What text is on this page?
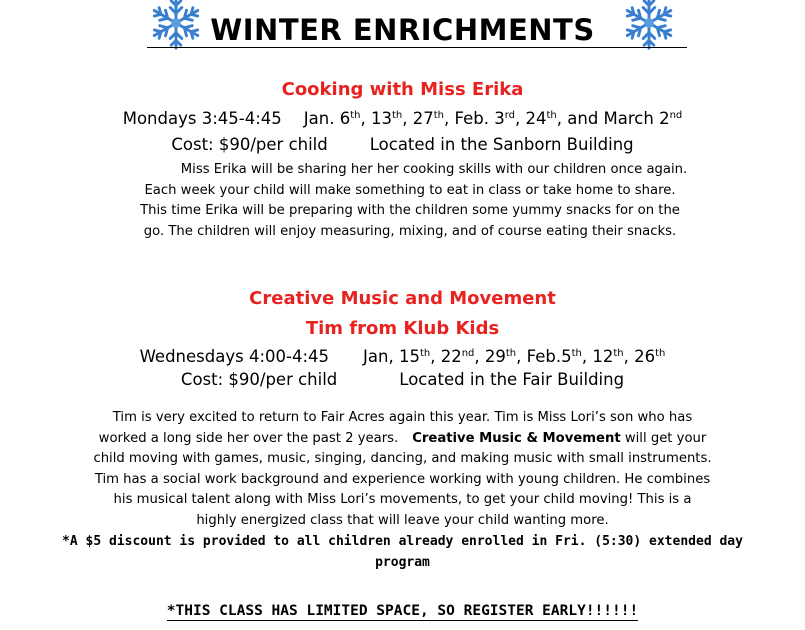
WINTER ENRICHMENTS
Cooking with Miss Erika
Mondays 3:45-4:45 Jan. 6th, 13th, 27th, Feb. 3rd, 24th, and March 2nd
Cost: $90/per child	Located in the Sanborn Building

Miss Erika will be sharing her her cooking skills with our children once again.

Each week your child will make something to eat in class or take home to share.

This time Erika will be preparing with the children some yummy snacks for on the

go. The children will enjoy measuring, mixing, and of course eating their snacks.

Creative Music and Movement
Tim from Klub Kids
Wednesdays 4:00-4:45 Jan, 15th, 22nd, 29th, Feb.5th, 12th, 26th
Cost: $90/per child	Located in the Fair Building

Tim is very excited to return to Fair Acres again this year. Tim is Miss Lori’s son who has

worked a long side her over the past 2 years. Creative Music & Movement will get your

child moving with games, music, singing, dancing, and making music with small instruments.

Tim has a social work background and experience working with young children. He combines

his musical talent along with Miss Lori’s movements, to get your child moving! This is a

highly energized class that will leave your child wanting more.

*A $5 discount is provided to all children already enrolled in Fri. (5:30) extended day
program
*THIS CLASS HAS LIMITED SPACE, SO REGISTER EARLY!!!!!!
